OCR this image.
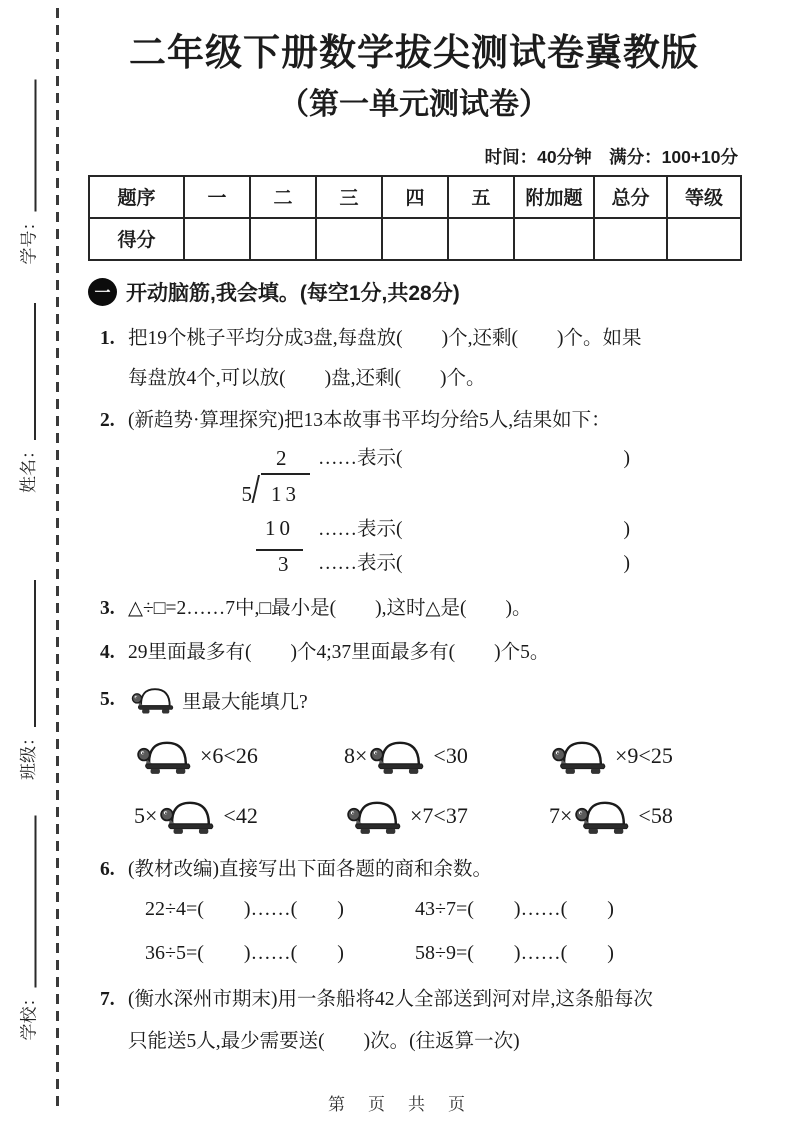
学号：
姓名：
班级：
学校：
二年级下册数学拔尖测试卷冀教版
（第一单元测试卷）
时间：40分钟　满分：100+10分
题序	一	二	三	四	五	附加题	总分	等级
得分								
一 开动脑筋,我会填。(每空1分,共28分)
1. 把19个桃子平均分成3盘,每盘放(　　)个,还剩(　　)个。如果
每盘放4个,可以放(　　)盘,还剩(　　)个。
2. (新趋势·算理探究)把13本故事书平均分给5人,结果如下：
2	……表示(	)
5 13
10	……表示(	)
3	……表示(	)
3. △÷□=2……7中,□最小是(　　),这时△是(　　)。
4. 29里面最多有(　　)个4;37里面最多有(　　)个5。
5.	里最大能填几?
×6<26	8×	<30	×9<25
5×	<42	×7<37	7×	<58
6. (教材改编)直接写出下面各题的商和余数。
22÷4=(　　)……(　　)	43÷7=(　　)……(　　)
36÷5=(　　)……(　　)	58÷9=(　　)……(　　)
7. (衡水深州市期末)用一条船将42人全部送到河对岸,这条船每次
只能送5人,最少需要送(　　)次。(往返算一次)
第　页　共　页
